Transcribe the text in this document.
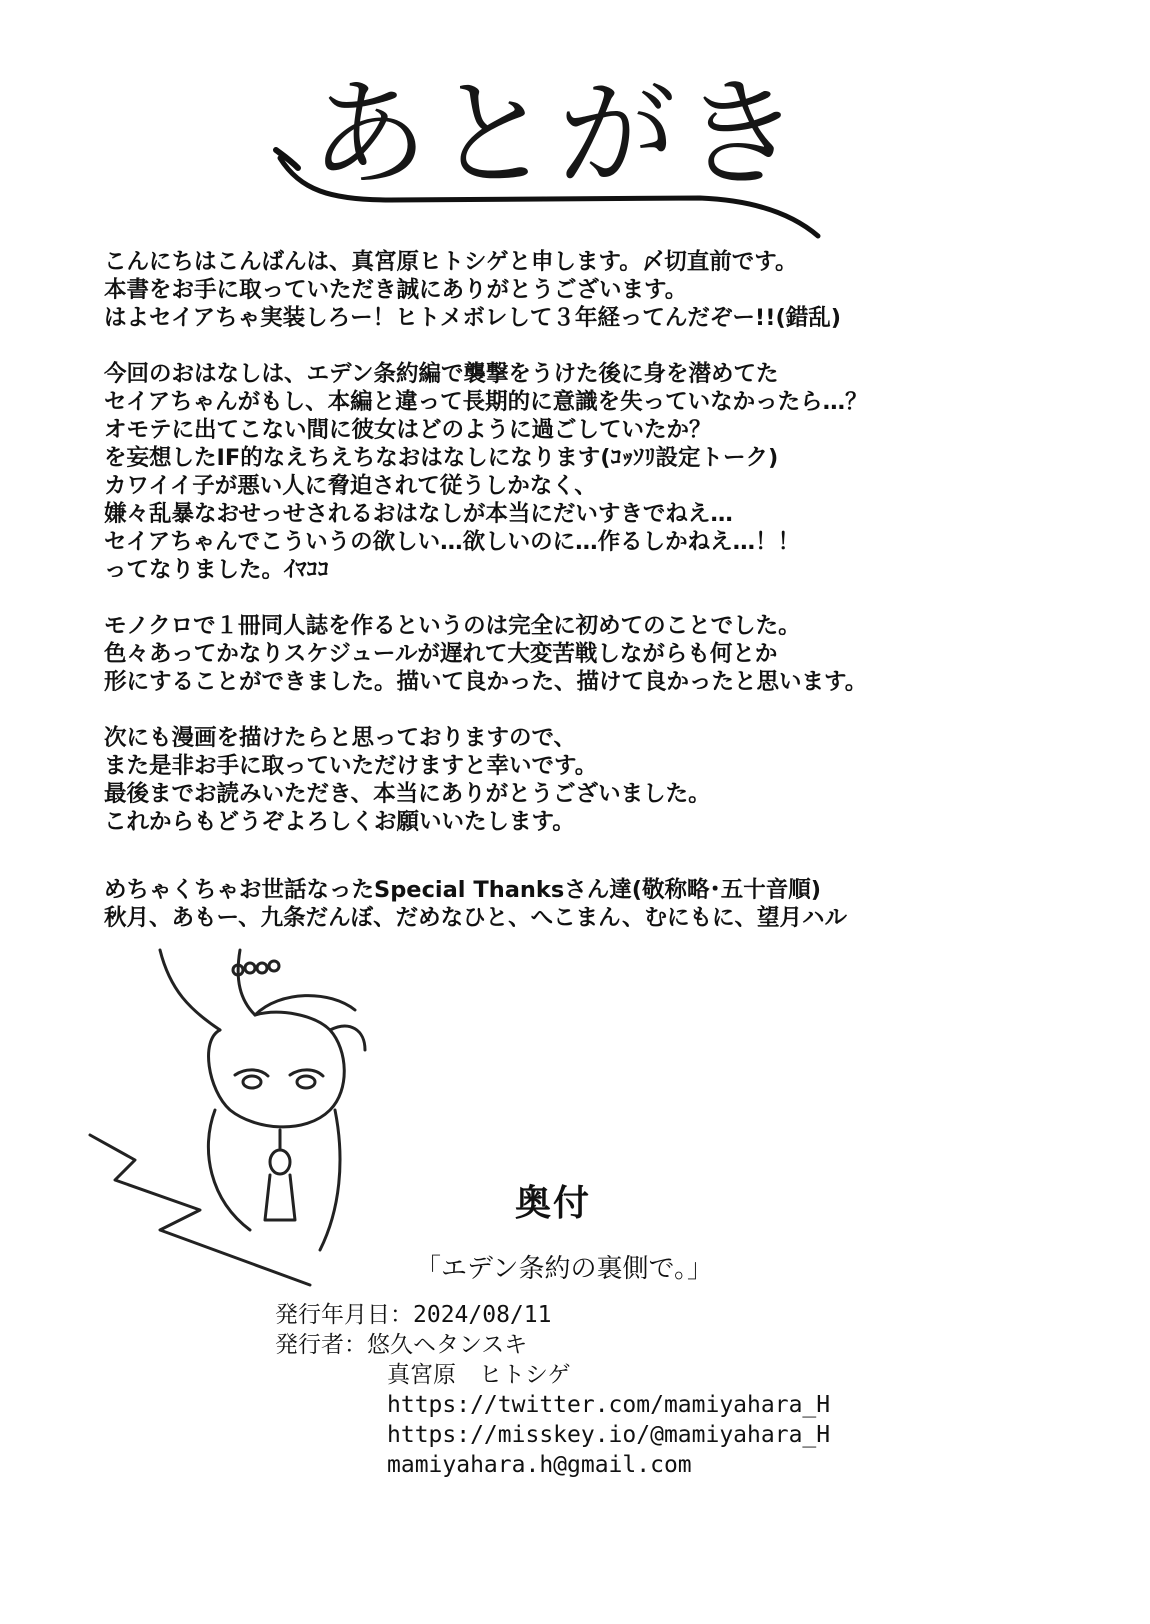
あとがき
こんにちはこんばんは、真宮原ヒトシゲと申します。〆切直前です。
本書をお手に取っていただき誠にありがとうございます。
はよセイアちゃ実装しろー！ヒトメボレして３年経ってんだぞー!!(錯乱)
今回のおはなしは、エデン条約編で襲撃をうけた後に身を潜めてた
セイアちゃんがもし、本編と違って長期的に意識を失っていなかったら…？
オモテに出てこない間に彼女はどのように過ごしていたか？
を妄想したIF的なえちえちなおはなしになります(ｺｯｿﾘ設定トーク)
カワイイ子が悪い人に脅迫されて従うしかなく、
嫌々乱暴なおせっせされるおはなしが本当にだいすきでねえ…
セイアちゃんでこういうの欲しい…欲しいのに…作るしかねえ…！！
ってなりました。ｲﾏｺｺ
モノクロで１冊同人誌を作るというのは完全に初めてのことでした。
色々あってかなりスケジュールが遅れて大変苦戦しながらも何とか
形にすることができました。描いて良かった、描けて良かったと思います。
次にも漫画を描けたらと思っておりますので、
また是非お手に取っていただけますと幸いです。
最後までお読みいただき、本当にありがとうございました。
これからもどうぞよろしくお願いいたします。
めちゃくちゃお世話なったSpecial Thanksさん達(敬称略･五十音順)
秋月、あもー、九条だんぼ、だめなひと、へこまん、むにもに、望月ハル
奥付
「エデン条約の裏側で。」
発行年月日：2024/08/11
発行者：悠久ヘタンスキ
真宮原　ヒトシゲ
https://twitter.com/mamiyahara_H
https://misskey.io/@mamiyahara_H
mamiyahara.h@gmail.com
